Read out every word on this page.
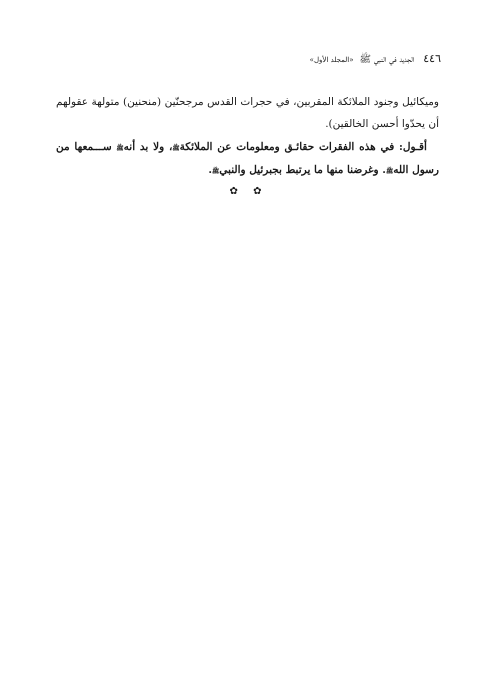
٤٤٦ الجديد في النبي ﷺ «المجلد الأول»

وميكائيل وجنود الملائكة المقربين، في حجرات القدس مرجحنّين (منحنين) متولهة عقولهم أن يحدّوا أحسن الخالقين).

أقـول: في هذه الفقرات حقائـق ومعلومات عن الملائكةﷺ، ولا بد أنهﷺ ســـمعها من رسول اللهﷺ. وغرضنا منها ما يرتبط بجبرئيل والنبيﷺ.

✿ ✿
